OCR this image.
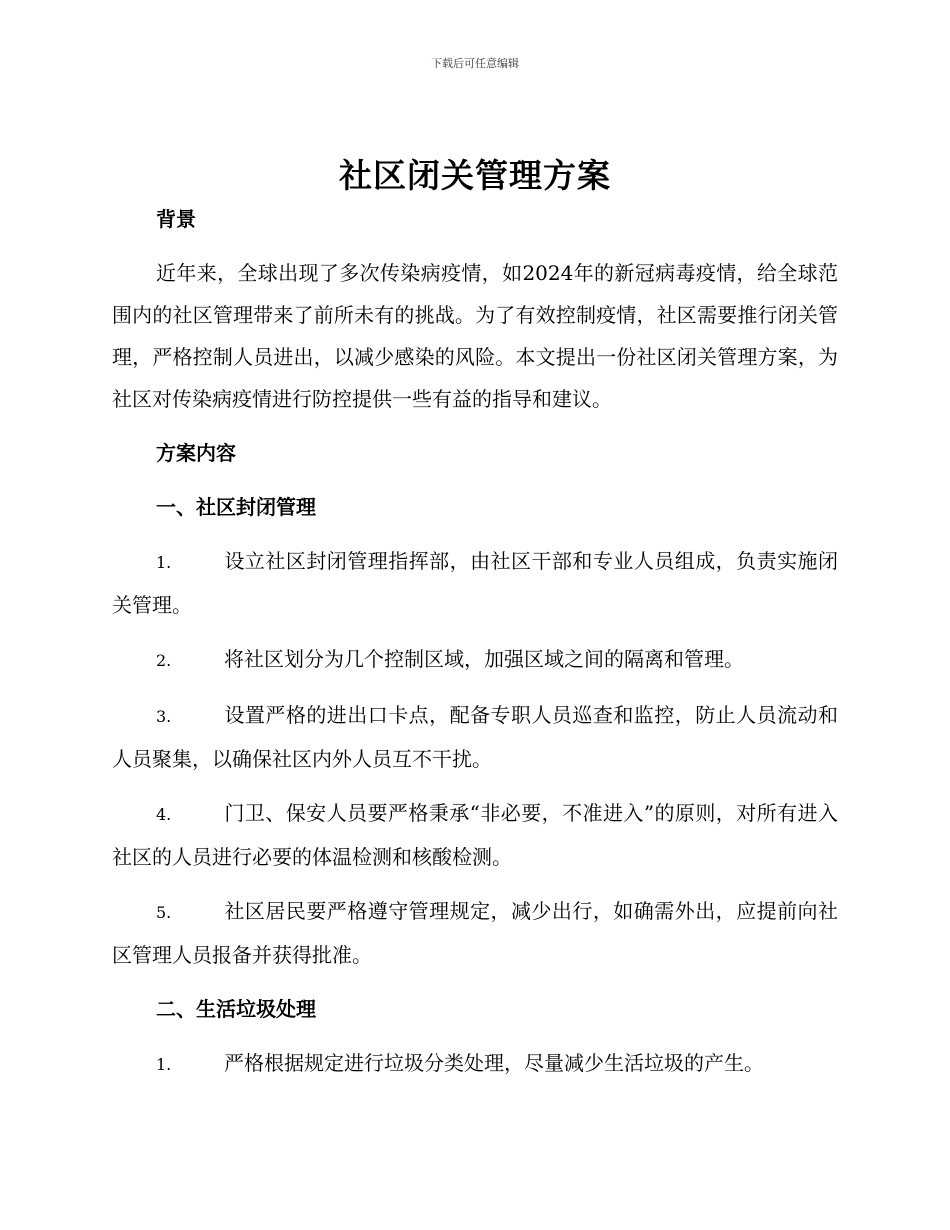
下载后可任意编辑
社区闭关管理方案

背景

近年来，全球出现了多次传染病疫情，如2024年的新冠病毒疫情，给全球范围内的社区管理带来了前所未有的挑战。为了有效控制疫情，社区需要推行闭关管理，严格控制人员进出，以减少感染的风险。本文提出一份社区闭关管理方案，为社区对传染病疫情进行防控提供一些有益的指导和建议。

方案内容

一、社区封闭管理

1.	设立社区封闭管理指挥部，由社区干部和专业人员组成，负责实施闭关管理。

2.	将社区划分为几个控制区域，加强区域之间的隔离和管理。

3.	设置严格的进出口卡点，配备专职人员巡查和监控，防止人员流动和人员聚集，以确保社区内外人员互不干扰。

4.	门卫、保安人员要严格秉承“非必要，不准进入”的原则，对所有进入社区的人员进行必要的体温检测和核酸检测。

5.	社区居民要严格遵守管理规定，减少出行，如确需外出，应提前向社区管理人员报备并获得批准。

二、生活垃圾处理

1.	严格根据规定进行垃圾分类处理，尽量减少生活垃圾的产生。
